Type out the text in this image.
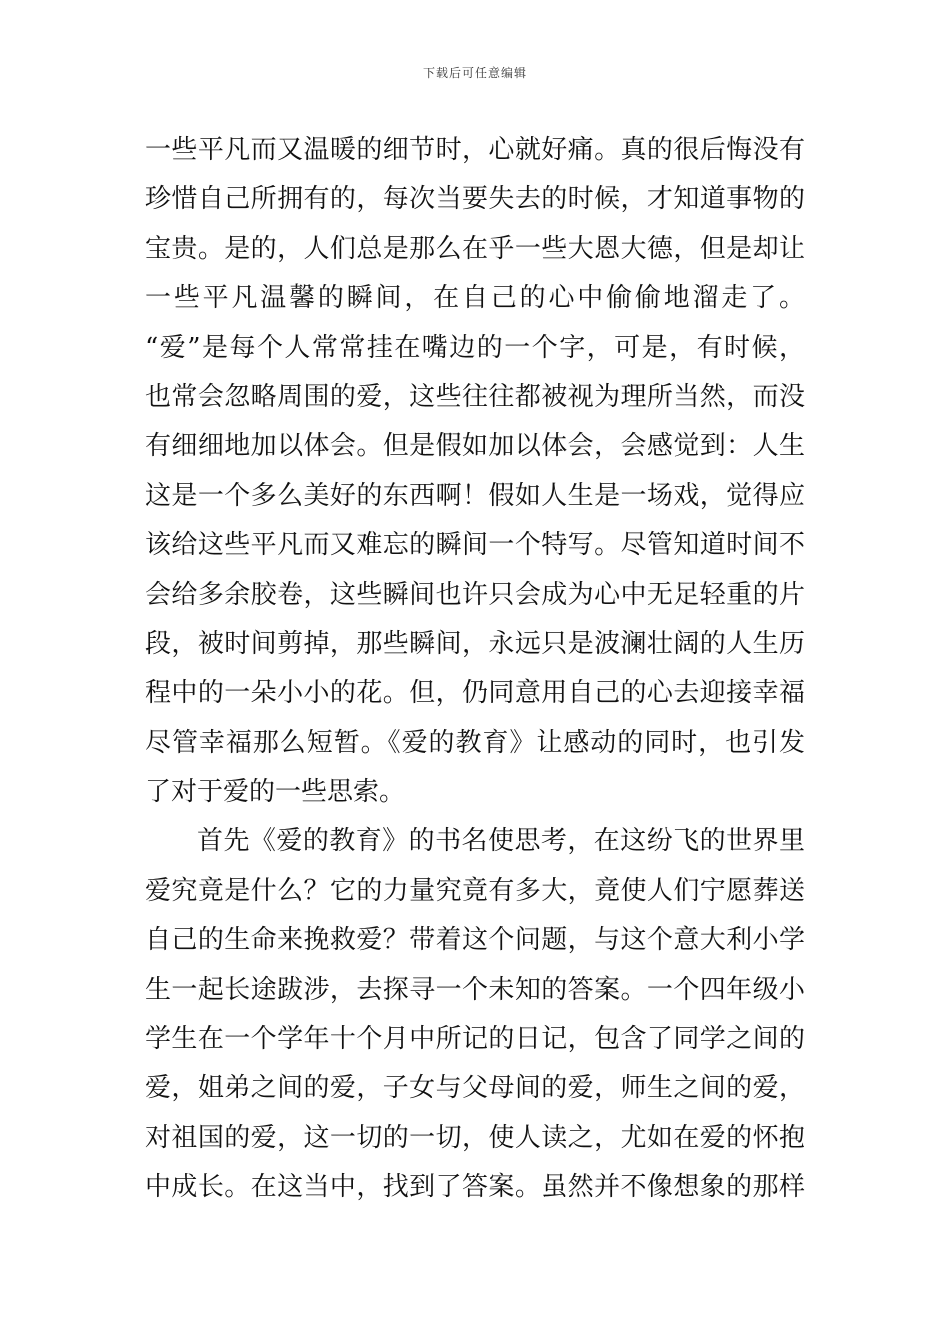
下载后可任意编辑
一些平凡而又温暖的细节时，心就好痛。真的很后悔没有
珍惜自己所拥有的，每次当要失去的时候，才知道事物的
宝贵。是的，人们总是那么在乎一些大恩大德，但是却让
一些平凡温馨的瞬间，在自己的心中偷偷地溜走了。
“爱”是每个人常常挂在嘴边的一个字，可是，有时候，
也常会忽略周围的爱，这些往往都被视为理所当然，而没
有细细地加以体会。但是假如加以体会，会感觉到：人生
这是一个多么美好的东西啊！假如人生是一场戏，觉得应
该给这些平凡而又难忘的瞬间一个特写。尽管知道时间不
会给多余胶卷，这些瞬间也许只会成为心中无足轻重的片
段，被时间剪掉，那些瞬间，永远只是波澜壮阔的人生历
程中的一朵小小的花。但，仍同意用自己的心去迎接幸福
尽管幸福那么短暂。《爱的教育》让感动的同时，也引发
了对于爱的一些思索。
首先《爱的教育》的书名使思考，在这纷飞的世界里
爱究竟是什么？它的力量究竟有多大，竟使人们宁愿葬送
自己的生命来挽救爱？带着这个问题，与这个意大利小学
生一起长途跋涉，去探寻一个未知的答案。一个四年级小
学生在一个学年十个月中所记的日记，包含了同学之间的
爱，姐弟之间的爱，子女与父母间的爱，师生之间的爱，
对祖国的爱，这一切的一切，使人读之，尤如在爱的怀抱
中成长。在这当中，找到了答案。虽然并不像想象的那样
